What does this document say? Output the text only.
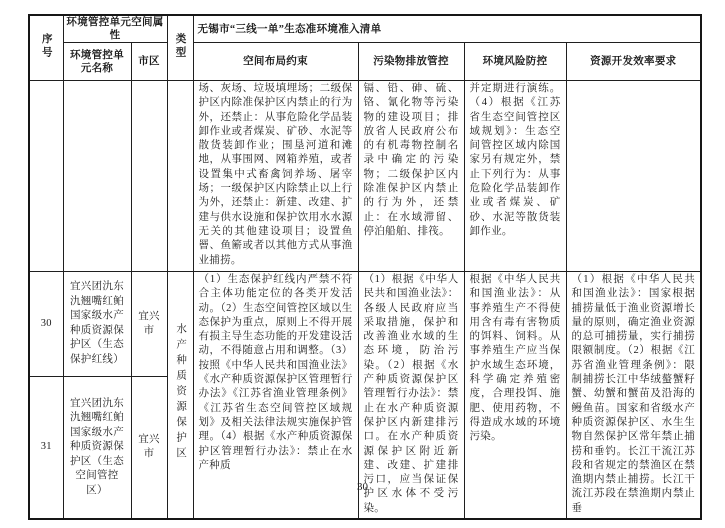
序号	环境管控单元空间属性		类型	无锡市“三线一单”生态准环境准入清单			
	环境管控单元名称	市区		空间布局约束	污染物排放管控	环境风险防控	资源开发效率要求
				场、灰场、垃圾填埋场；二级保护区内除准保护区内禁止的行为外，还禁止：从事危险化学品装卸作业或者煤炭、矿砂、水泥等散货装卸作业；围垦河道和滩地，从事围网、网箱养殖，或者设置集中式畜禽饲养场、屠宰场；一级保护区内除禁止以上行为外，还禁止：新建、改建、扩建与供水设施和保护饮用水水源无关的其他建设项目；设置鱼罾、鱼簖或者以其他方式从事渔业捕捞。	镉、铅、砷、硫、铬、氰化物等污染物的建设项目；排放省人民政府公布的有机毒物控制名录中确定的污染物；二级保护区内除准保护区内禁止的行为外，还禁止：在水域滞留、停泊船舶、排筏。	并定期进行演练。（4）根据《江苏省生态空间管控区域规划》：生态空间管控区域内除国家另有规定外，禁止下列行为：从事危险化学品装卸作业或者煤炭、矿砂、水泥等散货装卸作业。	
30	宜兴团氿东氿翘嘴红鲌国家级水产种质资源保护区（生态保护红线）	宜兴市	水产种质资源保护区	（1）生态保护红线内严禁不符合主体功能定位的各类开发活动。（2）生态空间管控区域以生态保护为重点，原则上不得开展有损主导生态功能的开发建设活动，不得随意占用和调整。（3）按照《中华人民共和国渔业法》《水产种质资源保护区管理暂行办法》《江苏省渔业管理条例》《江苏省生态空间管控区域规划》及相关法律法规实施保护管理。（4）根据《水产种质资源保护区管理暂行办法》：禁止在水产种质	（1）根据《中华人民共和国渔业法》：各级人民政府应当采取措施，保护和改善渔业水域的生态环境，防治污染。（2）根据《水产种质资源保护区管理暂行办法》：禁止在水产种质资源保护区内新建排污口。在水产种质资源保护区附近新建、改建、扩建排污口，应当保证保护区水体不受污染。	根据《中华人民共和国渔业法》：从事养殖生产不得使用含有毒有害物质的饵料、饲料。从事养殖生产应当保护水域生态环境，科学确定养殖密度，合理投饵、施肥、使用药物，不得造成水域的环境污染。	（1）根据《中华人民共和国渔业法》：国家根据捕捞量低于渔业资源增长量的原则，确定渔业资源的总可捕捞量，实行捕捞限额制度。（2）根据《江苏省渔业管理条例》：限制捕捞长江中华绒螯蟹籽蟹、幼蟹和蟹苗及沿海的鳗鱼苗。国家和省级水产种质资源保护区、水生生物自然保护区常年禁止捕捞和垂钓。长江干流江苏段和省规定的禁渔区在禁渔期内禁止捕捞。长江干流江苏段在禁渔期内禁止垂
31	宜兴团氿东氿翘嘴红鲌国家级水产种质资源保护区（生态空间管控区）	宜兴市					
30
